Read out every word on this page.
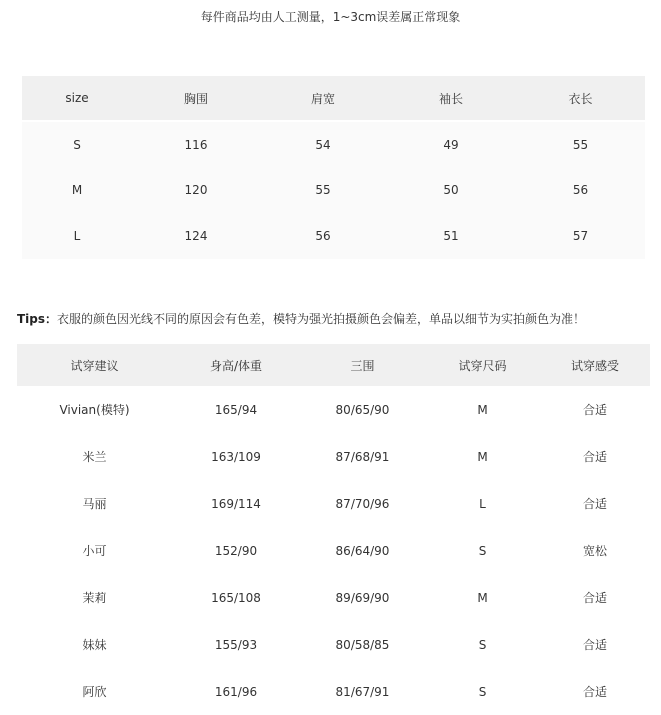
每件商品均由人工测量，1~3cm误差属正常现象
size	胸围	肩宽	袖长	衣长
S	116	54	49	55
M	120	55	50	56
L	124	56	51	57
Tips：衣服的颜色因光线不同的原因会有色差，模特为强光拍摄颜色会偏差，单品以细节为实拍颜色为准！
试穿建议	身高/体重	三围	试穿尺码	试穿感受
Vivian(模特)	165/94	80/65/90	M	合适
米兰	163/109	87/68/91	M	合适
马丽	169/114	87/70/96	L	合适
小可	152/90	86/64/90	S	宽松
茉莉	165/108	89/69/90	M	合适
妹妹	155/93	80/58/85	S	合适
阿欣	161/96	81/67/91	S	合适
